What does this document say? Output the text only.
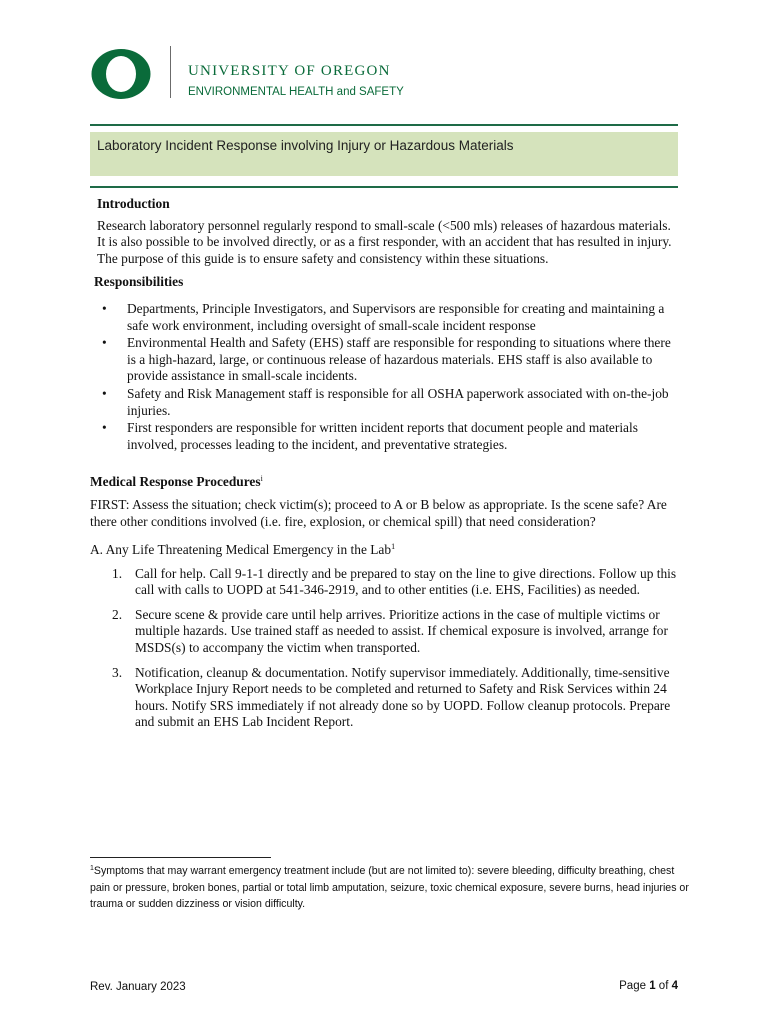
UNIVERSITY OF OREGON
ENVIRONMENTAL HEALTH and SAFETY
Laboratory Incident Response involving Injury or Hazardous Materials
Introduction

Research laboratory personnel regularly respond to small-scale (<500 mls) releases of hazardous materials. It is also possible to be involved directly, or as a first responder, with an accident that has resulted in injury. The purpose of this guide is to ensure safety and consistency within these situations.

Responsibilities
• Departments, Principle Investigators, and Supervisors are responsible for creating and maintaining a safe work environment, including oversight of small-scale incident response
• Environmental Health and Safety (EHS) staff are responsible for responding to situations where there is a high-hazard, large, or continuous release of hazardous materials. EHS staff is also available to provide assistance in small-scale incidents.
• Safety and Risk Management staff is responsible for all OSHA paperwork associated with on-the-job injuries.
• First responders are responsible for written incident reports that document people and materials involved, processes leading to the incident, and preventative strategies.
Medical Response Procedures$^i$

FIRST: Assess the situation; check victim(s); proceed to A or B below as appropriate. Is the scene safe? Are there other conditions involved (i.e. fire, explosion, or chemical spill) that need consideration?

A. Any Life Threatening Medical Emergency in the Lab$^1$
1. Call for help. Call 9-1-1 directly and be prepared to stay on the line to give directions. Follow up this call with calls to UOPD at 541-346-2919, and to other entities (i.e. EHS, Facilities) as needed.
2. Secure scene & provide care until help arrives. Prioritize actions in the case of multiple victims or multiple hazards. Use trained staff as needed to assist. If chemical exposure is involved, arrange for MSDS(s) to accompany the victim when transported.
3. Notification, cleanup & documentation. Notify supervisor immediately. Additionally, time-sensitive Workplace Injury Report needs to be completed and returned to Safety and Risk Services within 24 hours. Notify SRS immediately if not already done so by UOPD. Follow cleanup protocols. Prepare and submit an EHS Lab Incident Report.
$^1$Symptoms that may warrant emergency treatment include (but are not limited to): severe bleeding, difficulty breathing, chest pain or pressure, broken bones, partial or total limb amputation, seizure, toxic chemical exposure, severe burns, head injuries or trauma or sudden dizziness or vision difficulty.
Rev. January 2023	Page 1 of 4
